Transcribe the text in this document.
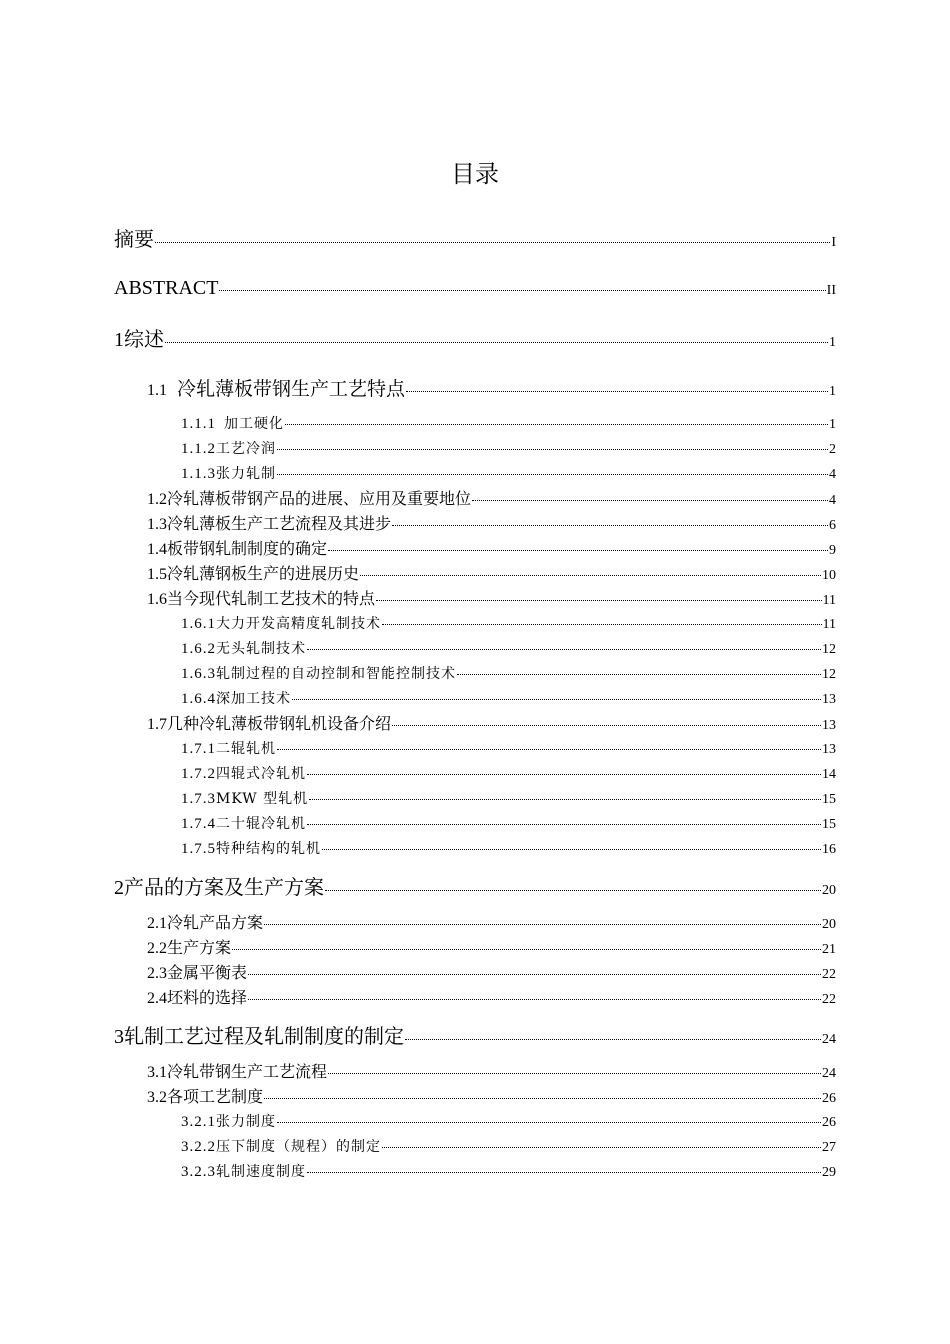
目录
摘要	I
ABSTRACT	II
1 综述	1
1.1 冷轧薄板带钢生产工艺特点	1
1.1.1 加工硬化	1
1.1.2 工艺冷润	2
1.1.3 张力轧制	4
1.2 冷轧薄板带钢产品的进展、应用及重要地位	4
1.3 冷轧薄板生产工艺流程及其进步	6
1.4 板带钢轧制制度的确定	9
1.5 冷轧薄钢板生产的进展历史	10
1.6 当今现代轧制工艺技术的特点	11
1.6.1 大力开发高精度轧制技术	11
1.6.2 无头轧制技术	12
1.6.3 轧制过程的自动控制和智能控制技术	12
1.6.4 深加工技术	13
1.7 几种冷轧薄板带钢轧机设备介绍	13
1.7.1 二辊轧机	13
1.7.2 四辊式冷轧机	14
1.7.3 MKW 型轧机	15
1.7.4 二十辊冷轧机	15
1.7.5 特种结构的轧机	16
2 产品的方案及生产方案	20
2.1 冷轧产品方案	20
2.2 生产方案	21
2.3 金属平衡表	22
2.4 坯料的选择	22
3 轧制工艺过程及轧制制度的制定	24
3.1 冷轧带钢生产工艺流程	24
3.2 各项工艺制度	26
3.2.1 张力制度	26
3.2.2 压下制度（规程）的制定	27
3.2.3 轧制速度制度	29
